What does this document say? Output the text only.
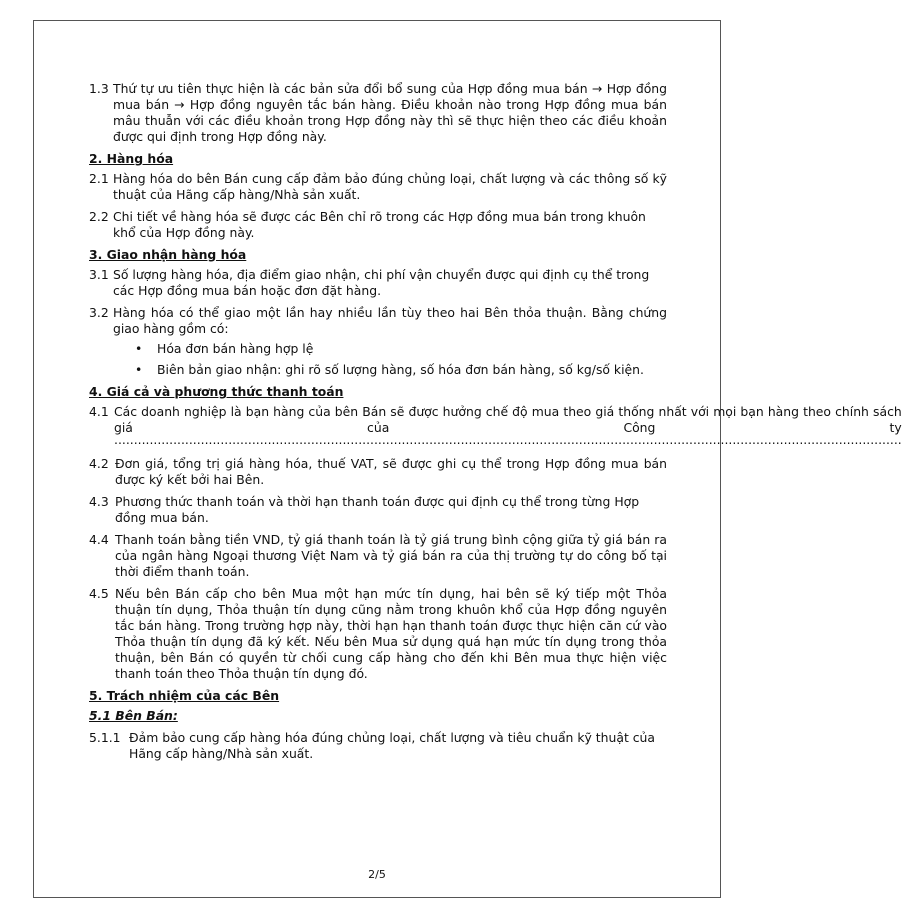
1.3 Thứ tự ưu tiên thực hiện là các bản sửa đổi bổ sung của Hợp đồng mua bán → Hợp đồng mua bán → Hợp đồng nguyên tắc bán hàng. Điều khoản nào trong Hợp đồng mua bán mâu thuẫn với các điều khoản trong Hợp đồng này thì sẽ thực hiện theo các điều khoản được qui định trong Hợp đồng này.
2. Hàng hóa
2.1 Hàng hóa do bên Bán cung cấp đảm bảo đúng chủng loại, chất lượng và các thông số kỹ thuật của Hãng cấp hàng/Nhà sản xuất.
2.2 Chi tiết về hàng hóa sẽ được các Bên chỉ rõ trong các Hợp đồng mua bán trong khuôn khổ của Hợp đồng này.
3. Giao nhận hàng hóa
3.1 Số lượng hàng hóa, địa điểm giao nhận, chi phí vận chuyển được qui định cụ thể trong các Hợp đồng mua bán hoặc đơn đặt hàng.
3.2 Hàng hóa có thể giao một lần hay nhiều lần tùy theo hai Bên thỏa thuận. Bằng chứng giao hàng gồm có:
• Hóa đơn bán hàng hợp lệ
• Biên bản giao nhận: ghi rõ số lượng hàng, số hóa đơn bán hàng, số kg/số kiện.
4. Giá cả và phương thức thanh toán
4.1 Các doanh nghiệp là bạn hàng của bên Bán sẽ được hưởng chế độ mua theo giá thống nhất với mọi bạn hàng theo chính sách giá của Công ty
........................................................................................................................................................................................................
4.2 Đơn giá, tổng trị giá hàng hóa, thuế VAT, sẽ được ghi cụ thể trong Hợp đồng mua bán được ký kết bởi hai Bên.
4.3 Phương thức thanh toán và thời hạn thanh toán được qui định cụ thể trong từng Hợp đồng mua bán.
4.4 Thanh toán bằng tiền VND, tỷ giá thanh toán là tỷ giá trung bình cộng giữa tỷ giá bán ra của ngân hàng Ngoại thương Việt Nam và tỷ giá bán ra của thị trường tự do công bố tại thời điểm thanh toán.
4.5 Nếu bên Bán cấp cho bên Mua một hạn mức tín dụng, hai bên sẽ ký tiếp một Thỏa thuận tín dụng, Thỏa thuận tín dụng cũng nằm trong khuôn khổ của Hợp đồng nguyên tắc bán hàng. Trong trường hợp này, thời hạn hạn thanh toán được thực hiện căn cứ vào Thỏa thuận tín dụng đã ký kết. Nếu bên Mua sử dụng quá hạn mức tín dụng trong thỏa thuận, bên Bán có quyền từ chối cung cấp hàng cho đến khi Bên mua thực hiện việc thanh toán theo Thỏa thuận tín dụng đó.
5. Trách nhiệm của các Bên
5.1 Bên Bán:
5.1.1 Đảm bảo cung cấp hàng hóa đúng chủng loại, chất lượng và tiêu chuẩn kỹ thuật của Hãng cấp hàng/Nhà sản xuất.
2/5
